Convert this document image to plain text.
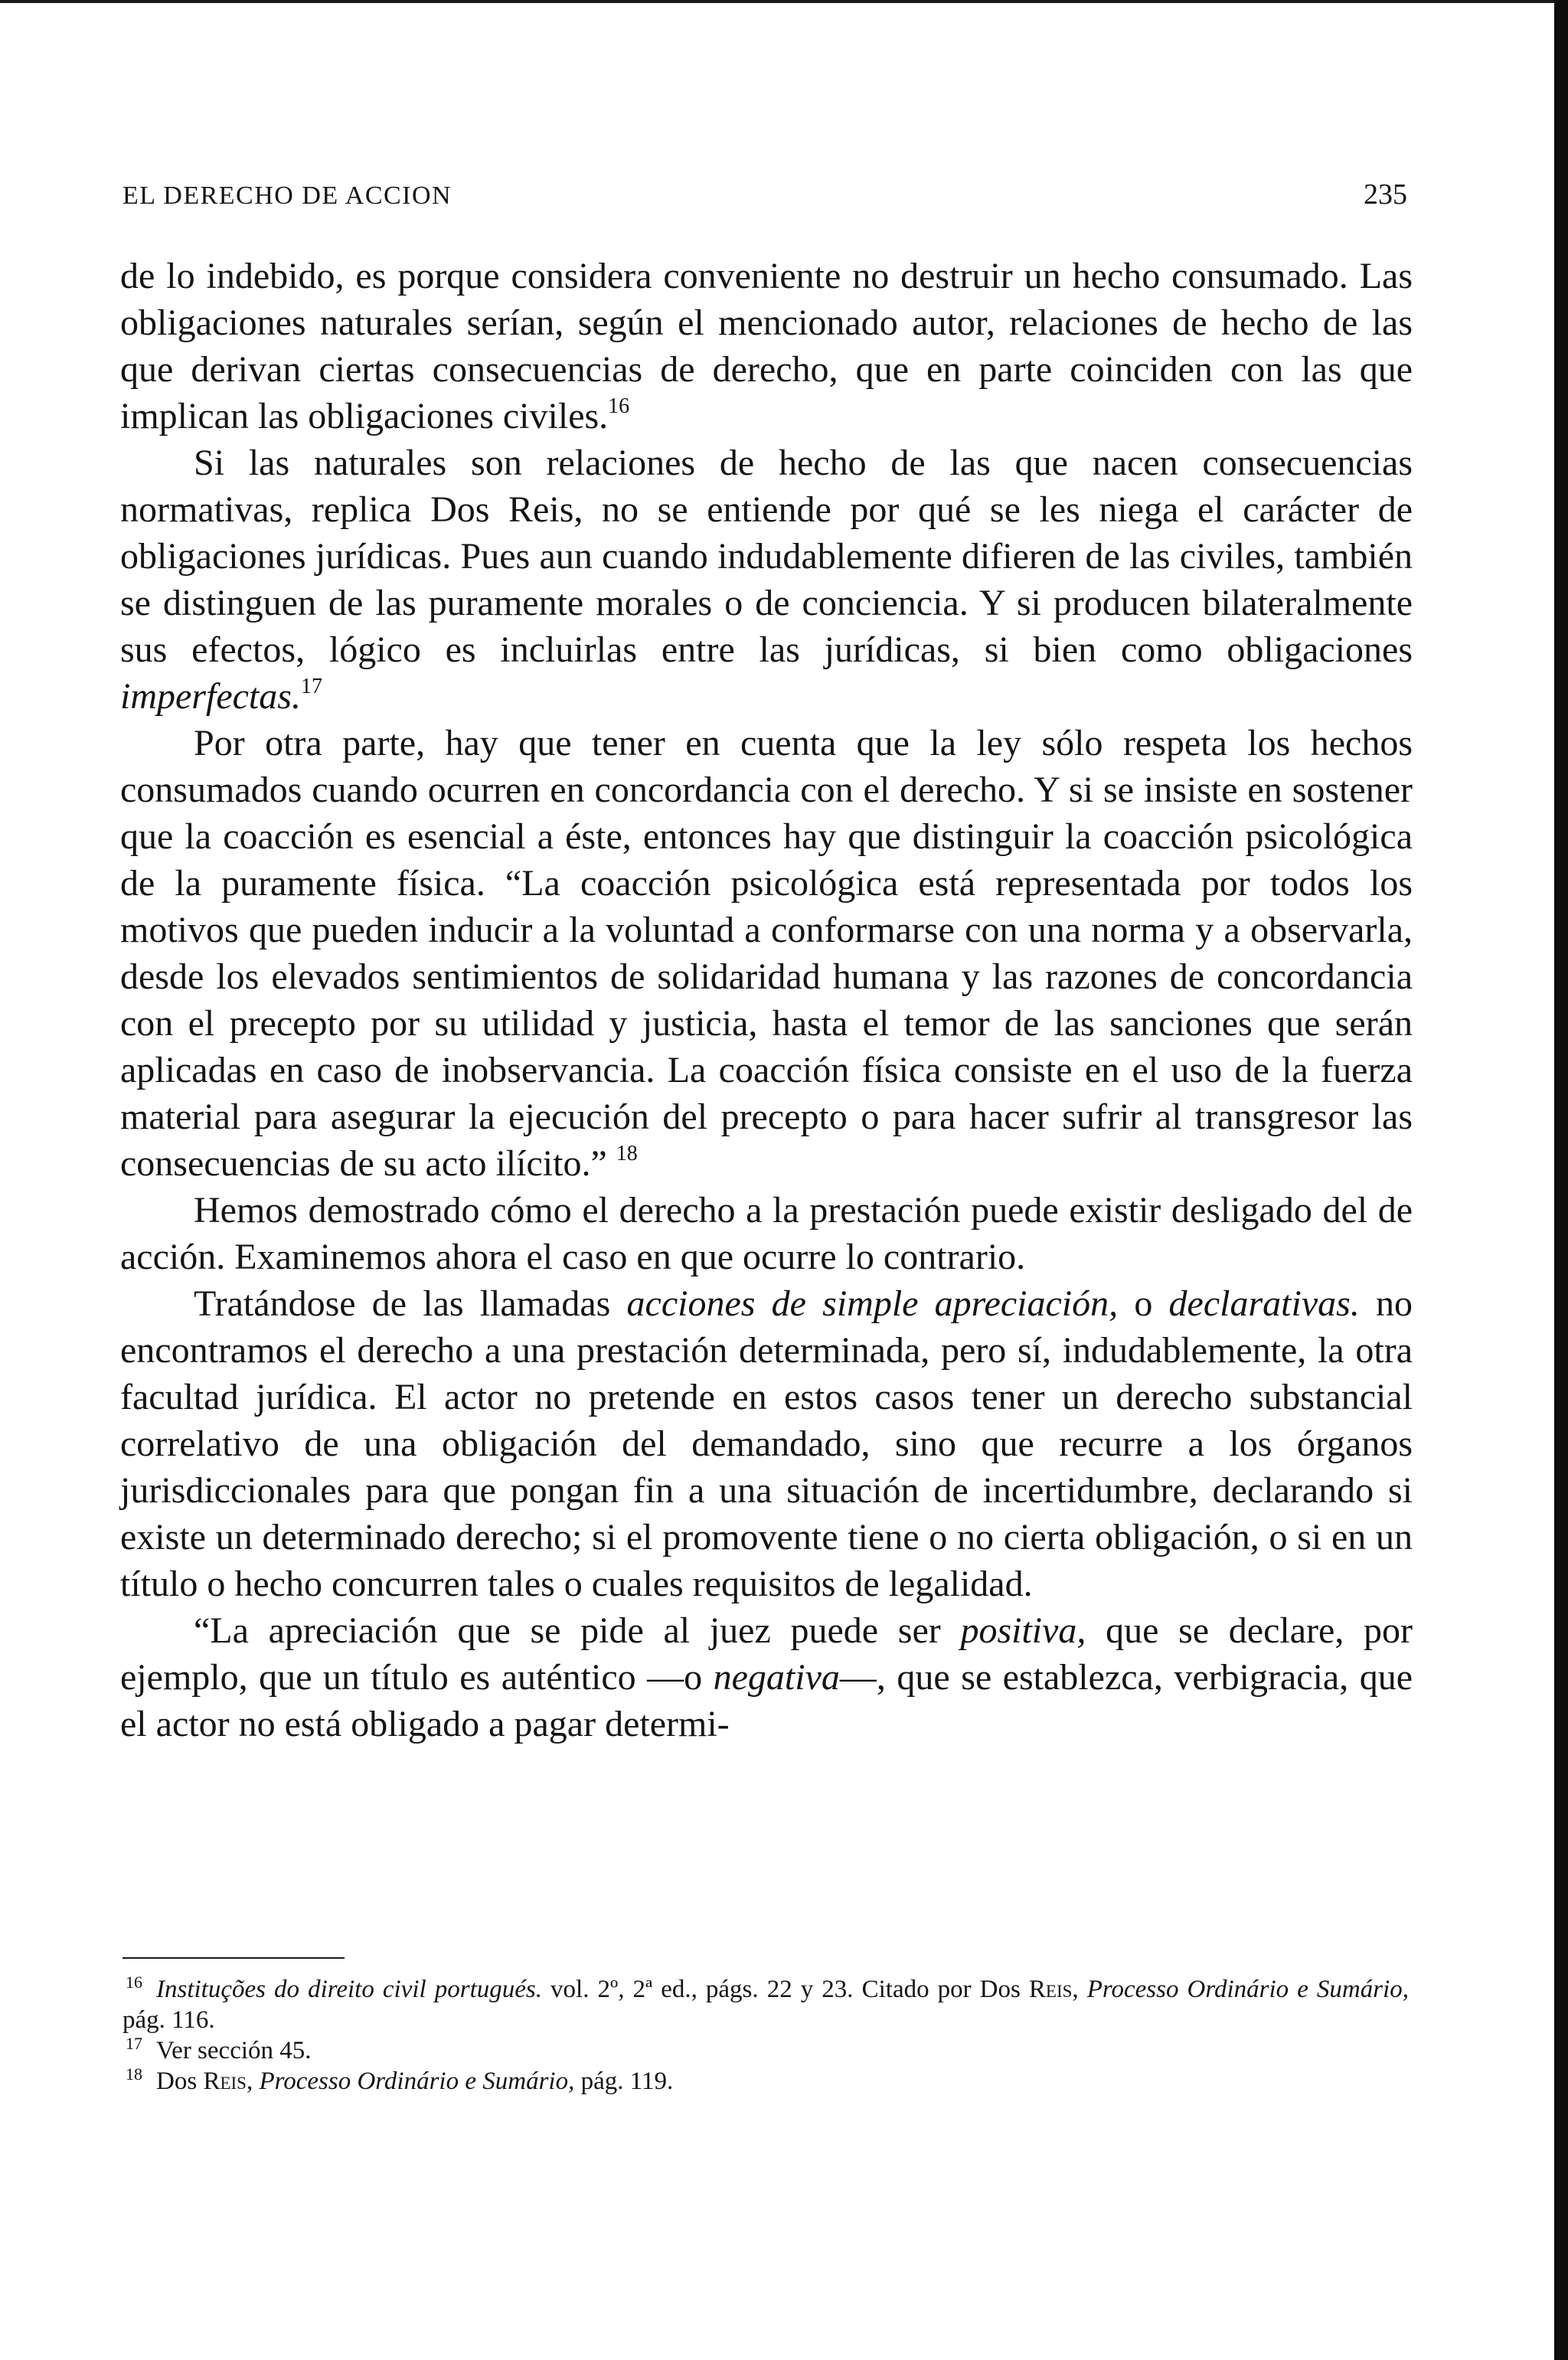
EL DERECHO DE ACCION	235

de lo indebido, es porque considera conveniente no destruir un hecho consumado. Las obligaciones naturales serían, según el mencionado autor, relaciones de hecho de las que derivan ciertas consecuencias de derecho, que en parte coinciden con las que implican las obligaciones civiles.$^{16}$

Si las naturales son relaciones de hecho de las que nacen consecuencias normativas, replica Dos Reis, no se entiende por qué se les niega el carácter de obligaciones jurídicas. Pues aun cuando indudablemente difieren de las civiles, también se distinguen de las puramente morales o de conciencia. Y si producen bilateralmente sus efectos, lógico es incluirlas entre las jurídicas, si bien como obligaciones imperfectas.$^{17}$

Por otra parte, hay que tener en cuenta que la ley sólo respeta los hechos consumados cuando ocurren en concordancia con el derecho. Y si se insiste en sostener que la coacción es esencial a éste, entonces hay que distinguir la coacción psicológica de la puramente física. “La coacción psicológica está representada por todos los motivos que pueden inducir a la voluntad a conformarse con una norma y a observarla, desde los elevados sentimientos de solidaridad humana y las razones de concordancia con el precepto por su utilidad y justicia, hasta el temor de las sanciones que serán aplicadas en caso de inobservancia. La coacción física consiste en el uso de la fuerza material para asegurar la ejecución del precepto o para hacer sufrir al transgresor las consecuencias de su acto ilícito.” $^{18}$

Hemos demostrado cómo el derecho a la prestación puede existir desligado del de acción. Examinemos ahora el caso en que ocurre lo contrario.

Tratándose de las llamadas acciones de simple apreciación, o declarativas. no encontramos el derecho a una prestación determinada, pero sí, indudablemente, la otra facultad jurídica. El actor no pretende en estos casos tener un derecho substancial correlativo de una obligación del demandado, sino que recurre a los órganos jurisdiccionales para que pongan fin a una situación de incertidumbre, declarando si existe un determinado derecho; si el promovente tiene o no cierta obligación, o si en un título o hecho concurren tales o cuales requisitos de legalidad.

“La apreciación que se pide al juez puede ser positiva, que se declare, por ejemplo, que un título es auténtico —o negativa—, que se establezca, verbigracia, que el actor no está obligado a pagar determi-

$^{16}$ Instituções do direito civil portugués. vol. 2º, 2ª ed., págs. 22 y 23. Citado por Dos Reis, Processo Ordinário e Sumário, pág. 116.

$^{17}$ Ver sección 45.

$^{18}$ Dos Reis, Processo Ordinário e Sumário, pág. 119.
